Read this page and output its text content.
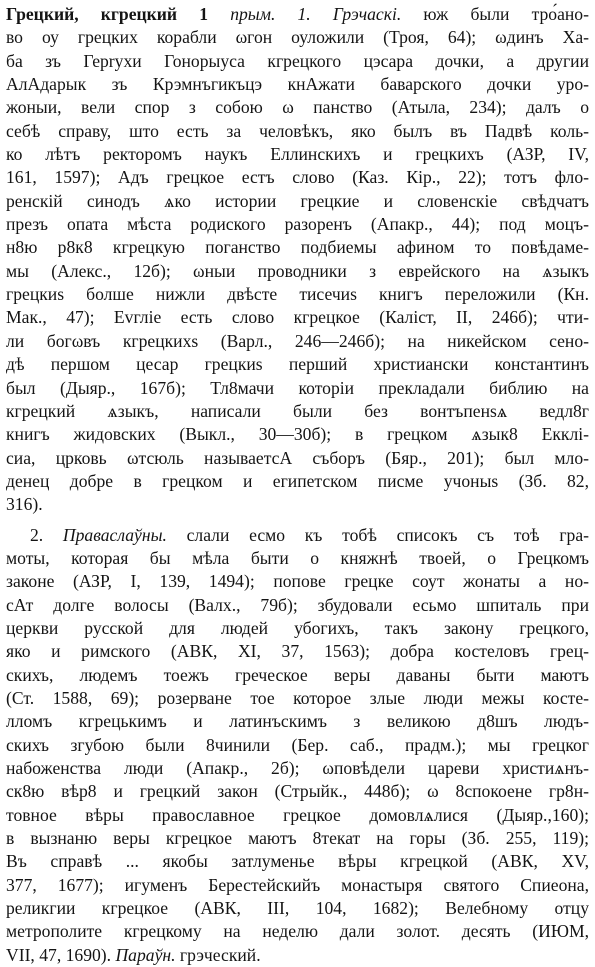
Грецкий, кгрецкий 1 прым. 1. Грэчаскі. юж были тро́ано-
во оу грецких корабли ωгон оуложили (Троя, 64); ωдинъ Ха-
ба зъ Герryхи Гонорыуса кгрецкого цэсара дочки, а другии
АлАдарык зъ Крэмнъгикъцэ кнАжати баварского дочки уро-
жоныи, вели спор з собою ω панство (Атыла, 234); далъ о
себѣ справу, што есть за человѣкъ, яко былъ въ Падвѣ коль-
ко лѣтъ ректоромъ наукъ Еллинскихъ и грецкихъ (АЗР, IV,
161, 1597); Адъ грецкое естъ слово (Каз. Кір., 22); тотъ фло-
ренскій синодъ ѧко истории грецкие и словенскіе свѣдчатъ
презъ опата мѣста родиского разоренъ (Апакр., 44); под моцъ-
н8ю р8к8 кгрецкую поганство подбиемы афином то повѣдаме-
мы (Алекс., 12б); ωныи проводники з еврейского на ѧзыкъ
грецкиѕ болше нижли двѣсте тисечиѕ книгъ переложили (Кн.
Мак., 47); Еvгліе есть слово кгрецкое (Каліст, II, 246б); чти-
ли богωвъ кгрецкихѕ (Варл., 246—246б); на никейском сено-
дѣ першом цесар грецкиѕ перший христиански константинъ
был (Дыяр., 167б); Тл8мачи которіи прекладали библию на
кгрецкий ѧзыкъ, написали были без вонтъпенѕѧ ведл8г
книгъ жидовских (Выкл., 30—30б); в грецком ѧзык8 Екклі-
сиа, црковь ωтсюль называетсА съборъ (Бяр., 201); был мло-
денец добре в грецком и египетском писме учоныѕ (Зб. 82,
316).
2. Праваслаўны. слали есмо къ тобѣ списокъ съ тоѣ гра-
моты, которая бы мѣла быти о княжнѣ твоей, о Грецкомъ
законе (АЗР, I, 139, 1494); попове грецке соут жонаты а но-
сАт долге волосы (Валх., 79б); збудовали есьмо шпиталь при
церкви русской для людей убогихъ, такъ закону грецкого,
яко и римского (АВК, XI, 37, 1563); добра костеловъ грец-
скихъ, людемъ тоежъ греческое веры даваны быти маютъ
(Ст. 1588, 69); розерване тое которое злые люди межы костe-
лломъ кгрецькимъ и латинъскимъ з великою д8шъ людъ-
скихъ згубою были 8чинили (Бер. саб., прадм.); мы грецког
набоженства люди (Апакр., 2б); ωповѣдели цареви христиѧнъ-
ск8ю вѣр8 и грецкий закон (Стрыйк., 448б); ω 8спокоене гр8н-
товное вѣры православное грецкое домовлѧлися (Дыяр.,160);
в вызнаню веры кгрецкое маютъ 8текат на горы (Зб. 255, 119);
Въ справѣ ... якобы затлуменье вѣры кгрецкой (АВК, XV,
377, 1677); игуменъ Берестейскийъ монастыря святого Спиеона,
реликгии кгрецкое (АВК, III, 104, 1682); Велебному отцу
метрополите кгрецкому на неделю дали золот. десять (ИЮМ,
VII, 47, 1690). Параўн. грэческий.
